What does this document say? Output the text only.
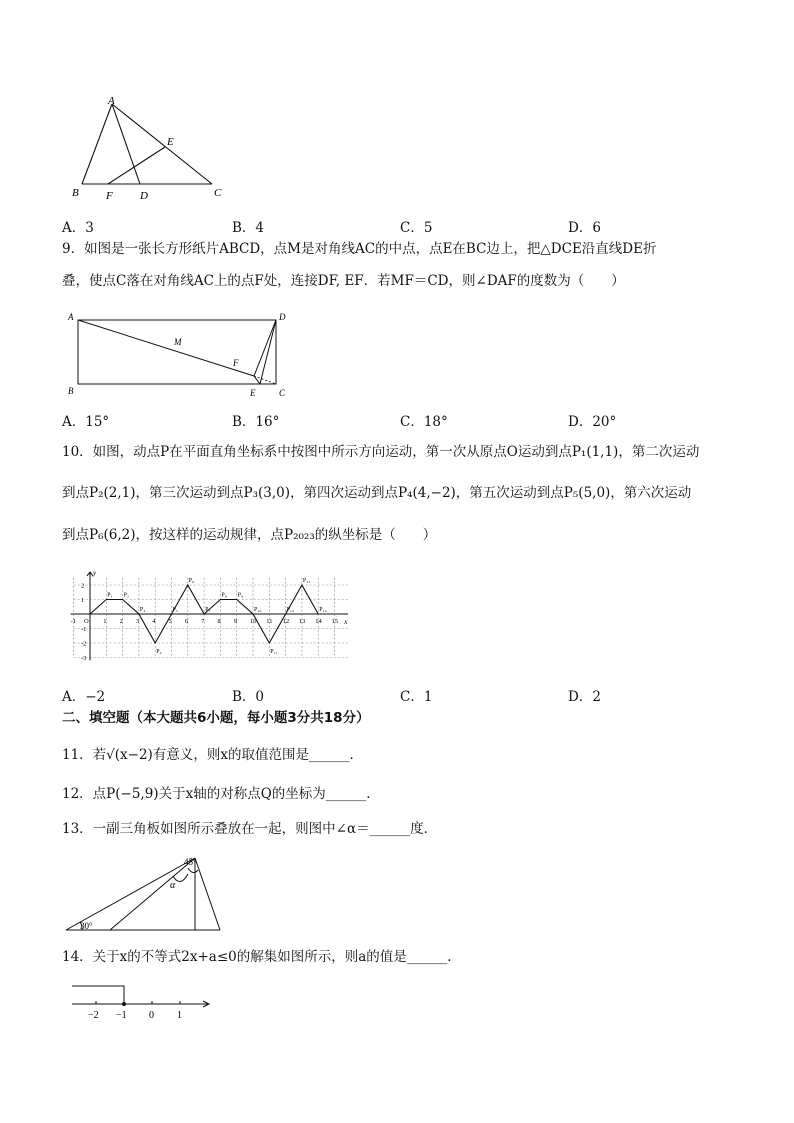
A
E
B F D	C
A．3	B．4	C．5	D．6
9．如图是一张长方形纸片ABCD，点M是对角线AC的中点，点E在BC边上，把△DCE沿直线DE折
叠，使点C落在对角线AC上的点F处，连接DF, EF．若MF＝CD，则∠DAF的度数为（　　）
A	D
M
F
B	E	C
A．15°	B．16°	C．18°	D．20°
10．如图，动点P在平面直角坐标系中按图中所示方向运动，第一次从原点O运动到点P₁(1,1)，第二次运动
到点P₂(2,1)，第三次运动到点P₃(3,0)，第四次运动到点P₄(4,−2)，第五次运动到点P₅(5,0)，第六次运动
到点P₆(6,2)，按这样的运动规律，点P₂₀₂₃的纵坐标是（　　）
y
x
-1 O 1 2 3 4 5 6 7 8 9 10 11 12 13 14 15
2
1
-1
-2
-3
P₁ P₂
P₃
P₄
P₅
P₆
P₇
P₈ P₉
P₁₀
P₁₁
P₁₂
P₁₃
P₁₄
A．−2	B．0	C．1	D．2
二、填空题（本大题共6小题，每小题3分共18分）
11．若√(x−2)有意义，则x的取值范围是______．
12．点P(−5,9)关于x轴的对称点Q的坐标为______．
13．一副三角板如图所示叠放在一起，则图中∠α＝______度．
45°
α
30°
14．关于x的不等式2x+a≤0的解集如图所示，则a的值是______．
−2 −1 0 1
